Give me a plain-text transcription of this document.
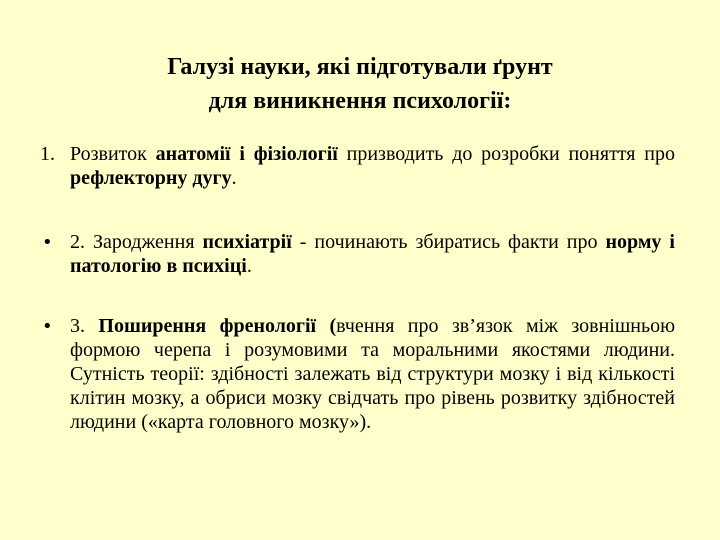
Галузі науки, які підготували ґрунт
для виникнення психології:
1. Розвиток анатомії і фізіології призводить до розробки поняття про рефлекторну дугу.
• 2. Зародження психіатрії - починають збиратись факти про норму і патологію в психіці.
• 3. Поширення френології (вчення про зв’язок між зовнішньою формою черепа і розумовими та моральними якостями людини. Сутність теорії: здібності залежать від структури мозку і від кількості клітин мозку, а обриси мозку свідчать про рівень розвитку здібностей людини («карта головного мозку»).
